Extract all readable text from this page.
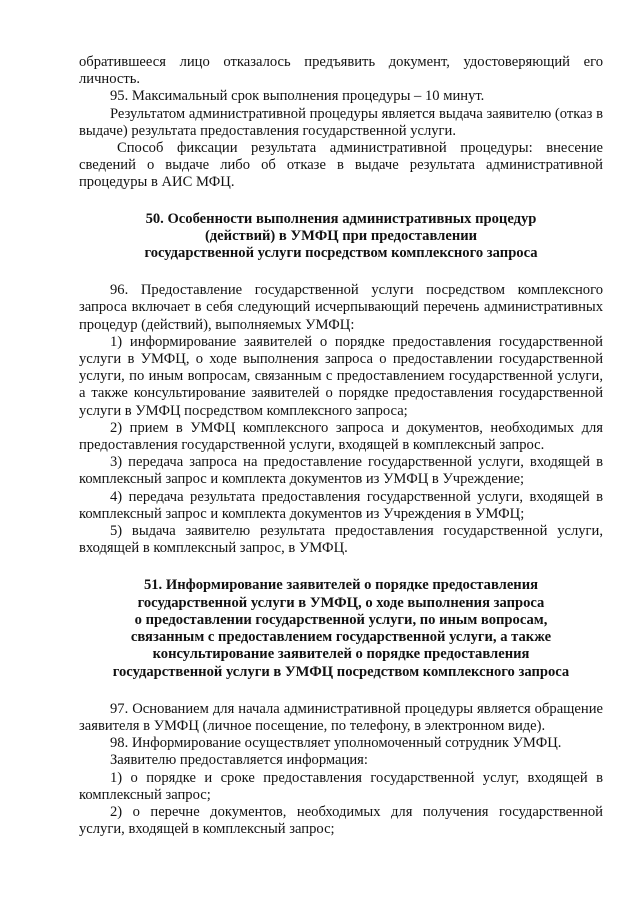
обратившееся лицо отказалось предъявить документ, удостоверяющий его личность.

95. Максимальный срок выполнения процедуры – 10 минут.

Результатом административной процедуры является выдача заявителю (отказ в выдаче) результата предоставления государственной услуги.

Способ фиксации результата административной процедуры: внесение сведений о выдаче либо об отказе в выдаче результата административной процедуры в АИС МФЦ.

50. Особенности выполнения административных процедур
(действий) в УМФЦ при предоставлении
государственной услуги посредством комплексного запроса

96. Предоставление государственной услуги посредством комплексного запроса включает в себя следующий исчерпывающий перечень административных процедур (действий), выполняемых УМФЦ:

1) информирование заявителей о порядке предоставления государственной услуги в УМФЦ, о ходе выполнения запроса о предоставлении государственной услуги, по иным вопросам, связанным с предоставлением государственной услуги, а также консультирование заявителей о порядке предоставления государственной услуги в УМФЦ посредством комплексного запроса;

2) прием в УМФЦ комплексного запроса и документов, необходимых для предоставления государственной услуги, входящей в комплексный запрос.

3) передача запроса на предоставление государственной услуги, входящей в комплексный запрос и комплекта документов из УМФЦ в Учреждение;

4) передача результата предоставления государственной услуги, входящей в комплексный запрос и комплекта документов из Учреждения в УМФЦ;

5) выдача заявителю результата предоставления государственной услуги, входящей в комплексный запрос, в УМФЦ.

51. Информирование заявителей о порядке предоставления
государственной услуги в УМФЦ, о ходе выполнения запроса
о предоставлении государственной услуги, по иным вопросам,
связанным с предоставлением государственной услуги, а также
консультирование заявителей о порядке предоставления
государственной услуги в УМФЦ посредством комплексного запроса

97. Основанием для начала административной процедуры является обращение заявителя в УМФЦ (личное посещение, по телефону, в электронном виде).

98. Информирование осуществляет уполномоченный сотрудник УМФЦ.

Заявителю предоставляется информация:

1) о порядке и сроке предоставления государственной услуг, входящей в комплексный запрос;

2) о перечне документов, необходимых для получения государственной услуги, входящей в комплексный запрос;
